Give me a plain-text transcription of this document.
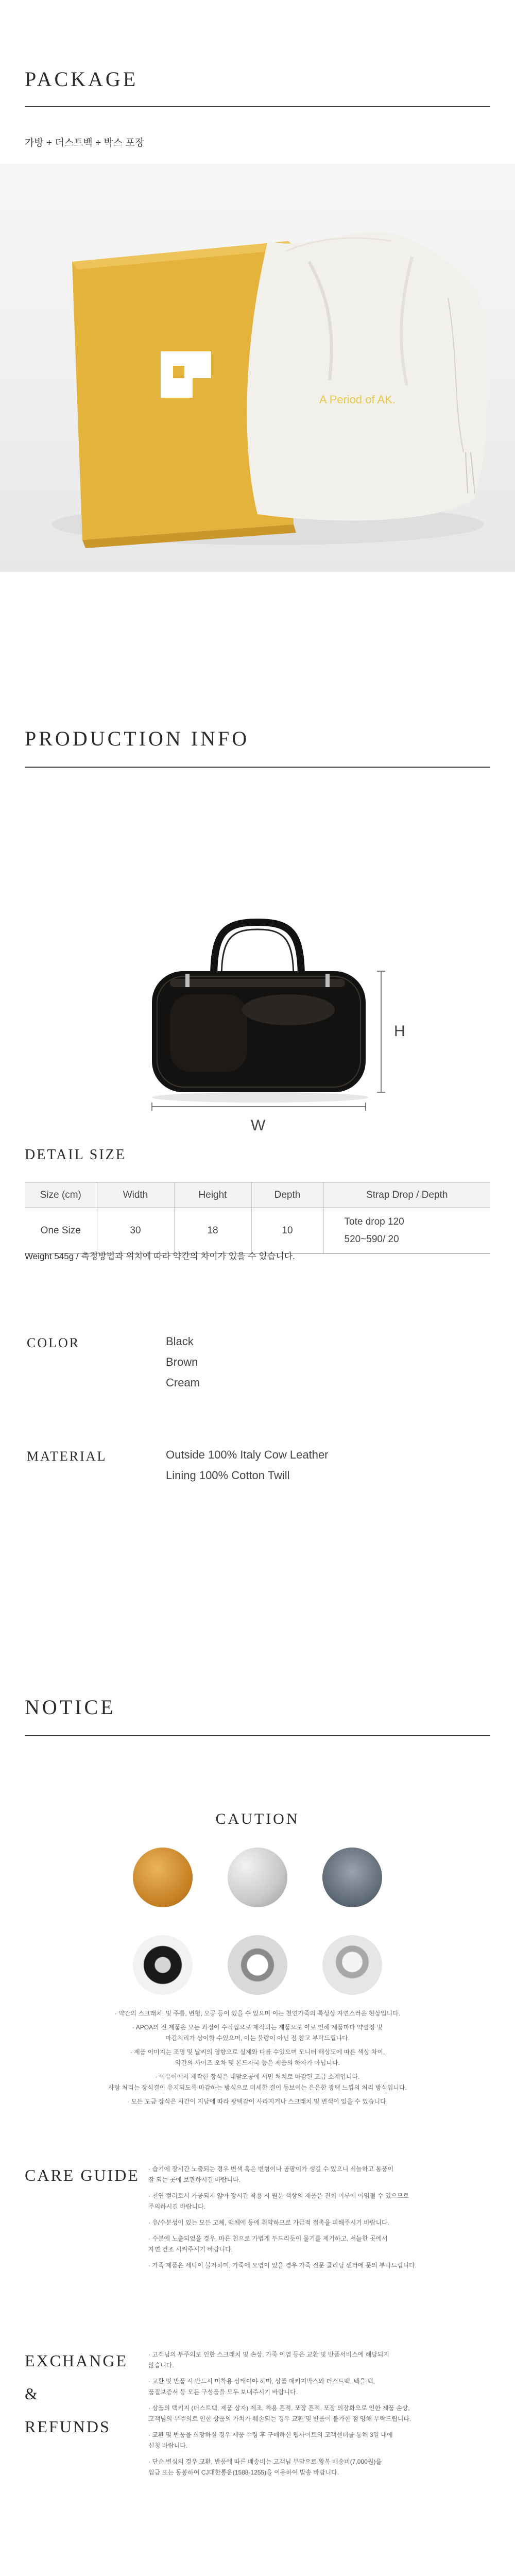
PACKAGE
가방 + 더스트백 + 박스 포장
A Period of AK.
PRODUCTION INFO
H
W
DETAIL SIZE
Size (cm)	Width	Height	Depth	Strap Drop / Depth
One Size	30	18	10	Tote drop 120
520~590/ 20
Weight 545g / 측정방법과 위치에 따라 약간의 차이가 있을 수 있습니다.
COLOR	Black
Brown
Cream
MATERIAL	Outside 100% Italy Cow Leather
Lining 100% Cotton Twill
NOTICE
CAUTION

· 약간의 스크래치, 및 주름, 변형, 오공 등이 있을 수 있으며 이는 천연가죽의 특성상 자연스러운 현상입니다.

· APOA의 전 제품은 모든 과정이 수작업으로 제작되는 제품으로 이로 인해 제품마다 약필징 및
마감처리가 상이할 수있으며, 이는 불량이 아닌 점 참고 부탁드립니다.

· 제품 이미지는 조명 및 날씨의 영향으로 실제와 다를 수있으며 모니터 해상도에 따른 색상 차이,
약간의 사이즈 오차 및 본드자국 등은 제품의 하자가 아닙니다.

· 이유어에서 제작한 장식은 대발오공에 서민 처치로 마감된 고급 소재입니다.
사탕 처리는 장식결이 유지되도록 마감하는 방식으로 미세한 결이 동보이는 은은한 광택 느낌의 처리 방식입니다.

· 모든 도금 장식은 시간이 지남에 따라 광택감이 사라지거나 스크래치 및 변색이 있을 수 있습니다.

CARE GUIDE · 습기에 장시간 노출되는 경우 변색 혹은 변형이나 곰팡이가 생길 수 있으니 서늘하고 통풍이
잘 되는 곳에 보관하시길 바랍니다.

· 천연 컬러로서 가공되지 않아 장시간 착용 시 원문 색상의 제품은 진회 이루에 이염될 수 있으므로
주의하시길 바랍니다.

· 유/수분성이 있는 모든 고체, 액체에 등에 취약하므로 가급적 접촉을 피해주시기 바랍니다.

· 수분에 노출되었을 경우, 마른 천으로 가볍게 두드리듯이 물기를 제거하고, 서늘한 곳에서
자연 건조 시켜주시기 바랍니다.

· 가죽 제품은 세탁이 불가하며, 가죽에 오염이 있을 경우 가죽 전문 클리닝 센터에 문의 부탁드립니다.

EXCHANGE
&
REFUNDS

· 고객님의 부주의로 인한 스크래치 및 손상, 가죽 이염 등은 교환 및 반품서비스에 해당되지
않습니다.

· 교환 및 반품 시 반드시 미착용 상태여야 하며, 상품 패키지박스와 더스트백, 텍을 택,
품질보증서 등 모든 구성품을 모두 보내주시기 바랍니다.

· 상품의 택키지 (더스트백, 제품 상자) 제조, 착용 흔적, 포장 흔적, 포장 의장화으로 인한 제품 손상,
고객님의 부주의로 인한 상품의 가치가 훼손되는 경우 교환 및 반품이 불가한 점 양해 부탁드립니다.

· 교환 및 반품을 희망하실 경우 제품 수령 후 구매하신 웹사이트의 고객센터를 통해 3일 내에
신청 바랍니다.

· 단순 변심의 경우 교환, 반품에 따른 배송비는 고객님 부담으로 왕복 배송비(7,000원)를
입금 또는 동봉하여 CJ대한통운(1588-1255)을 이용하여 발송 바랍니다.
